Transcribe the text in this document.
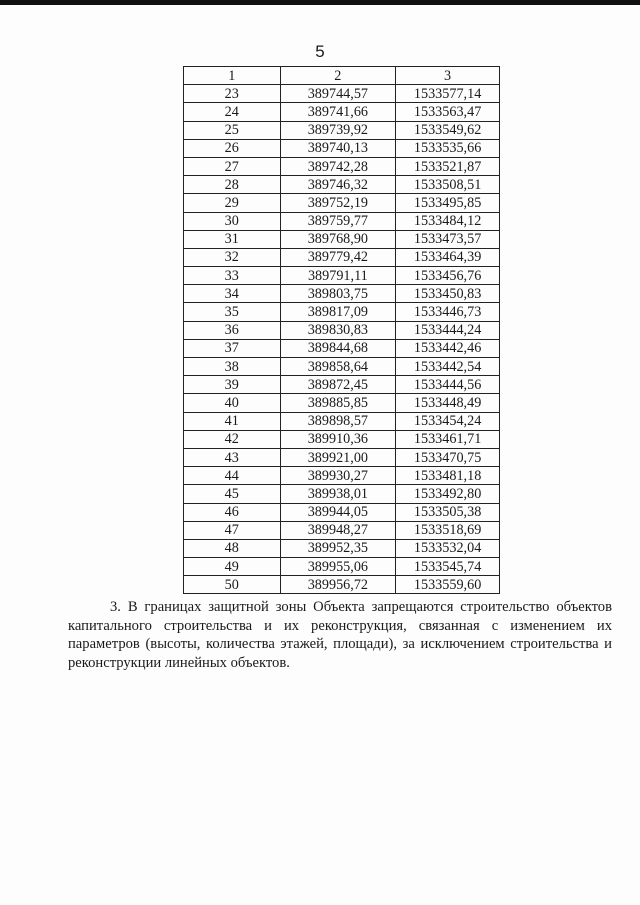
5
1	2	3
23	389744,57	1533577,14
24	389741,66	1533563,47
25	389739,92	1533549,62
26	389740,13	1533535,66
27	389742,28	1533521,87
28	389746,32	1533508,51
29	389752,19	1533495,85
30	389759,77	1533484,12
31	389768,90	1533473,57
32	389779,42	1533464,39
33	389791,11	1533456,76
34	389803,75	1533450,83
35	389817,09	1533446,73
36	389830,83	1533444,24
37	389844,68	1533442,46
38	389858,64	1533442,54
39	389872,45	1533444,56
40	389885,85	1533448,49
41	389898,57	1533454,24
42	389910,36	1533461,71
43	389921,00	1533470,75
44	389930,27	1533481,18
45	389938,01	1533492,80
46	389944,05	1533505,38
47	389948,27	1533518,69
48	389952,35	1533532,04
49	389955,06	1533545,74
50	389956,72	1533559,60

3. В границах защитной зоны Объекта запрещаются строительство объектов капитального строительства и их реконструкция, связанная с изменением их параметров (высоты, количества этажей, площади), за исключением строительства и реконструкции линейных объектов.
